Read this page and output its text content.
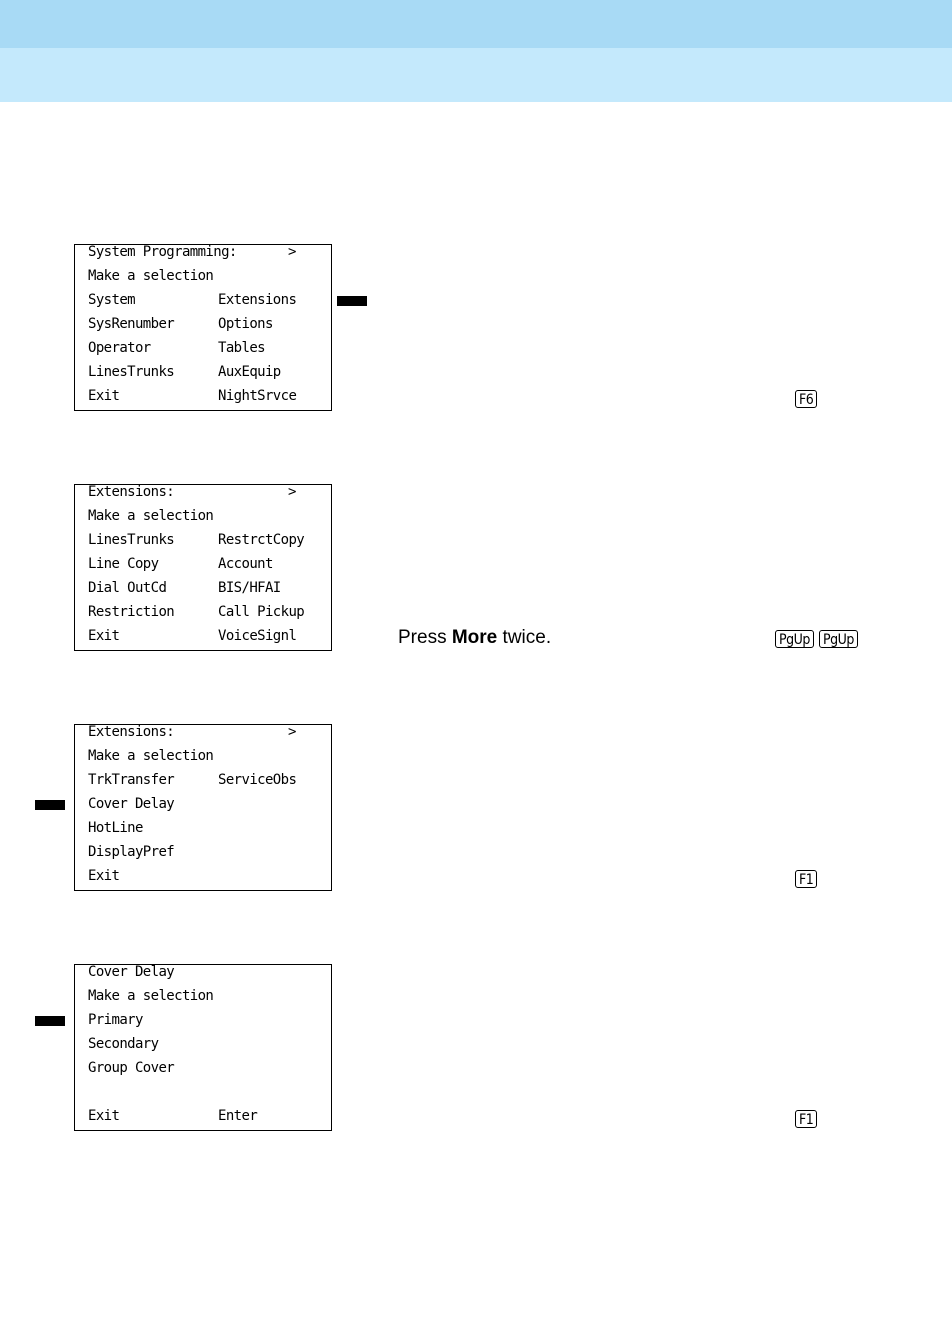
System Programming:	>
Make a selection
System	Extensions
SysRenumber	Options
Operator	Tables
LinesTrunks	AuxEquip
Exit	NightSrvce	F6
Extensions:	>
Make a selection
LinesTrunks	RestrctCopy
Line Copy	Account
Dial OutCd	BIS/HFAI
Restriction	Call Pickup
Exit	VoiceSignl	Press More twice.	PgUp PgUp
Extensions:	>
Make a selection
TrkTransfer	ServiceObs
Cover Delay
HotLine
DisplayPref
Exit	F1
Cover Delay
Make a selection
Primary
Secondary
Group Cover
Exit	Enter	F1
